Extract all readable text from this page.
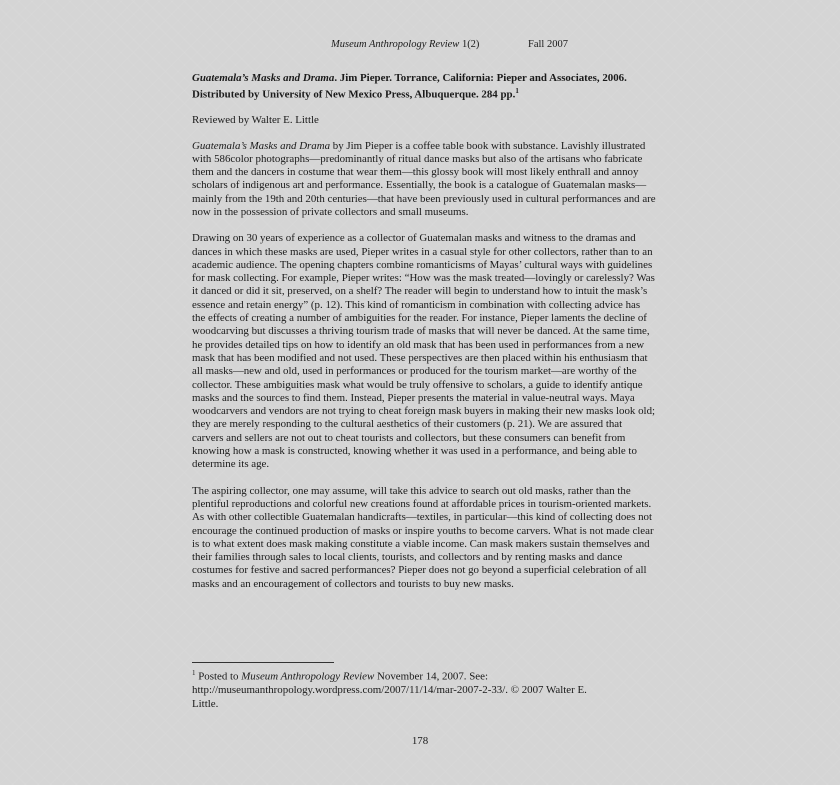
Museum Anthropology Review 1(2)	Fall 2007

Guatemala’s Masks and Drama. Jim Pieper. Torrance, California: Pieper and Associates, 2006. Distributed by University of New Mexico Press, Albuquerque. 284 pp.$^1$

Reviewed by Walter E. Little

Guatemala’s Masks and Drama by Jim Pieper is a coffee table book with substance. Lavishly illustrated with 586color photographs—predominantly of ritual dance masks but also of the artisans who fabricate them and the dancers in costume that wear them—this glossy book will most likely enthrall and annoy scholars of indigenous art and performance. Essentially, the book is a catalogue of Guatemalan masks—mainly from the 19th and 20th centuries—that have been previously used in cultural performances and are now in the possession of private collectors and small museums.

Drawing on 30 years of experience as a collector of Guatemalan masks and witness to the dramas and dances in which these masks are used, Pieper writes in a casual style for other collectors, rather than to an academic audience. The opening chapters combine romanticisms of Mayas’ cultural ways with guidelines for mask collecting. For example, Pieper writes: “How was the mask treated—lovingly or carelessly? Was it danced or did it sit, preserved, on a shelf? The reader will begin to understand how to intuit the mask’s essence and retain energy” (p. 12). This kind of romanticism in combination with collecting advice has the effects of creating a number of ambiguities for the reader. For instance, Pieper laments the decline of woodcarving but discusses a thriving tourism trade of masks that will never be danced. At the same time, he provides detailed tips on how to identify an old mask that has been used in performances from a new mask that has been modified and not used. These perspectives are then placed within his enthusiasm that all masks—new and old, used in performances or produced for the tourism market—are worthy of the collector. These ambiguities mask what would be truly offensive to scholars, a guide to identify antique masks and the sources to find them. Instead, Pieper presents the material in value-neutral ways. Maya woodcarvers and vendors are not trying to cheat foreign mask buyers in making their new masks look old; they are merely responding to the cultural aesthetics of their customers (p. 21). We are assured that carvers and sellers are not out to cheat tourists and collectors, but these consumers can benefit from knowing how a mask is constructed, knowing whether it was used in a performance, and being able to determine its age.

The aspiring collector, one may assume, will take this advice to search out old masks, rather than the plentiful reproductions and colorful new creations found at affordable prices in tourism-oriented markets. As with other collectible Guatemalan handicrafts—textiles, in particular—this kind of collecting does not encourage the continued production of masks or inspire youths to become carvers. What is not made clear is to what extent does mask making constitute a viable income. Can mask makers sustain themselves and their families through sales to local clients, tourists, and collectors and by renting masks and dance costumes for festive and sacred performances? Pieper does not go beyond a superficial celebration of all masks and an encouragement of collectors and tourists to buy new masks.

$^1$ Posted to Museum Anthropology Review November 14, 2007. See:
http://museumanthropology.wordpress.com/2007/11/14/mar-2007-2-33/. © 2007 Walter E.
Little.
178
